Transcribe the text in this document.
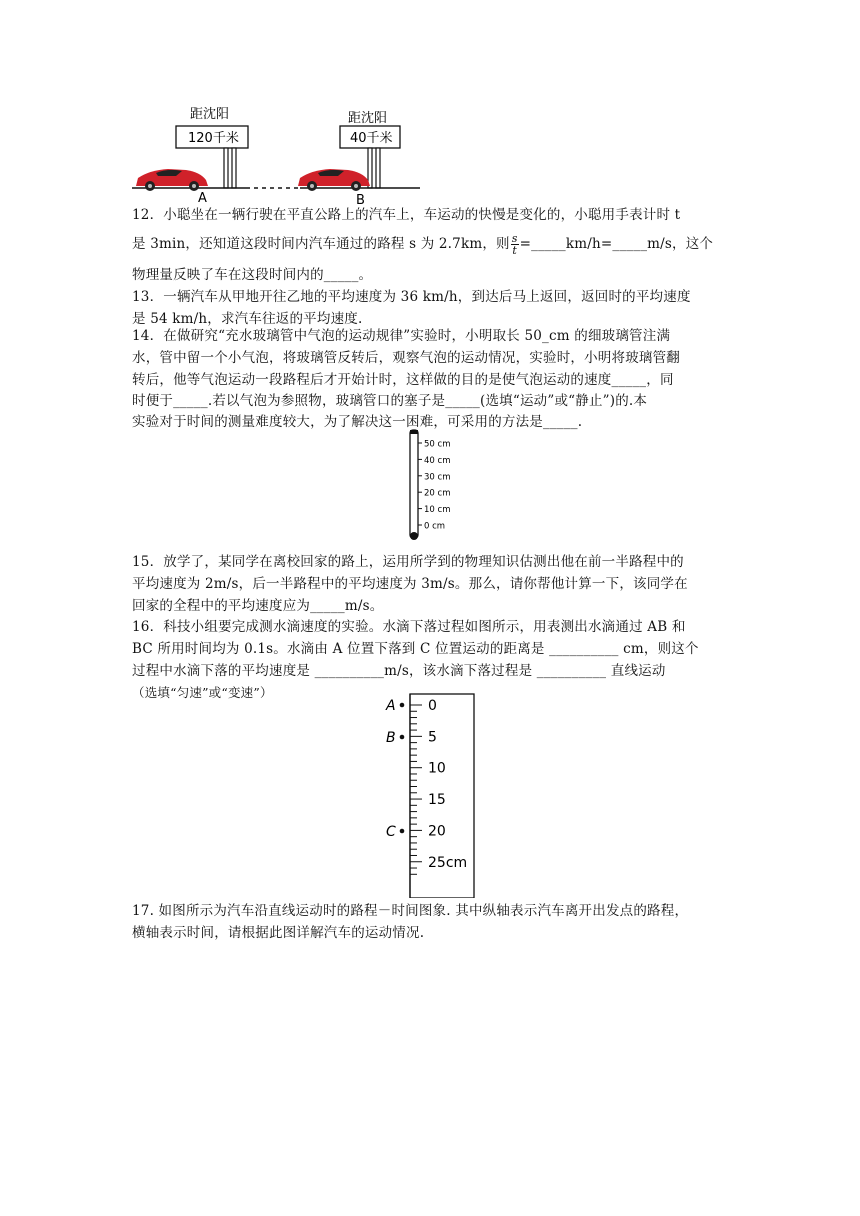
距沈阳
120千米
距沈阳
40千米
A	B
12．小聪坐在一辆行驶在平直公路上的汽车上，车运动的快慢是变化的，小聪用手表计时 t
是 3min，还知道这段时间内汽车通过的路程 s 为 2.7km，则 $\frac{s}{t}$ =_____km/h=_____m/s，这个
物理量反映了车在这段时间内的_____。
13．一辆汽车从甲地开往乙地的平均速度为 36 km/h，到达后马上返回，返回时的平均速度
是 54 km/h，求汽车往返的平均速度.
14．在做研究“充水玻璃管中气泡的运动规律”实验时，小明取长 50_cm 的细玻璃管注满
水，管中留一个小气泡，将玻璃管反转后，观察气泡的运动情况，实验时，小明将玻璃管翻
转后，他等气泡运动一段路程后才开始计时，这样做的目的是使气泡运动的速度_____，同
时便于_____.若以气泡为参照物，玻璃管口的塞子是_____(选填“运动”或“静止”)的.本
实验对于时间的测量难度较大，为了解决这一困难，可采用的方法是_____.
50 cm
40 cm
30 cm
20 cm
10 cm
0 cm
15．放学了，某同学在离校回家的路上，运用所学到的物理知识估测出他在前一半路程中的
平均速度为 2m/s，后一半路程中的平均速度为 3m/s。那么，请你帮他计算一下，该同学在
回家的全程中的平均速度应为_____m/s。
16．科技小组要完成测水滴速度的实验。水滴下落过程如图所示，用表测出水滴通过 AB 和
BC 所用时间均为 0.1s。水滴由 A 位置下落到 C 位置运动的距离是 __________ cm，则这个
过程中水滴下落的平均速度是 __________m/s，该水滴下落过程是 __________ 直线运动
（选填“匀速”或“变速”）
0
5
10
15
20
25cm
A
B
C
17. 如图所示为汽车沿直线运动时的路程－时间图象. 其中纵轴表示汽车离开出发点的路程，
横轴表示时间，请根据此图详解汽车的运动情况.
